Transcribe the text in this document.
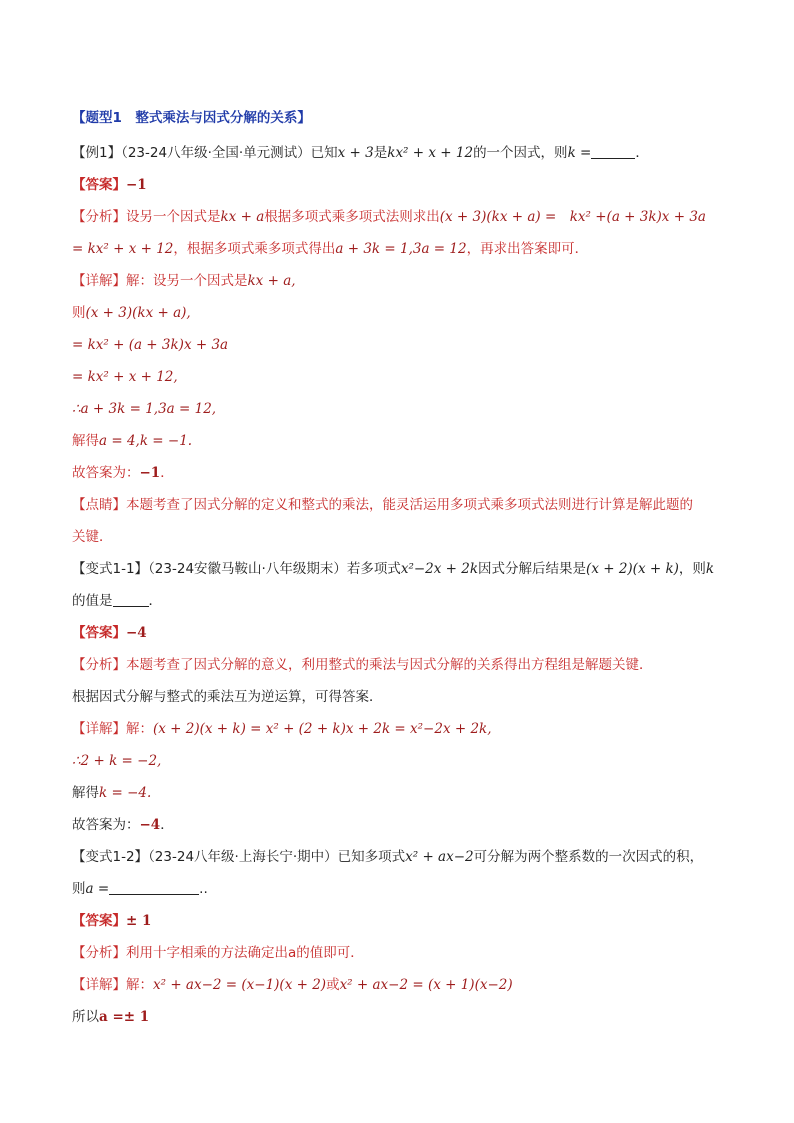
【题型1　整式乘法与因式分解的关系】
【例1】（23-24八年级·全国·单元测试）已知x + 3是kx² + x + 12的一个因式，则k =	．
【答案】−1
【分析】设另一个因式是kx + a根据多项式乘多项式法则求出(x + 3)(kx + a) =　kx² +(a + 3k)x + 3a
= kx² + x + 12，根据多项式乘多项式得出a + 3k = 1,3a = 12，再求出答案即可．
【详解】解：设另一个因式是kx + a,
则(x + 3)(kx + a),
= kx² + (a + 3k)x + 3a
= kx² + x + 12,
∴a + 3k = 1,3a = 12,
解得a = 4,k = −1.
故答案为：−1．
【点睛】本题考查了因式分解的定义和整式的乘法，能灵活运用多项式乘多项式法则进行计算是解此题的
关键．
【变式1-1】（23-24安徽马鞍山·八年级期末）若多项式x²−2x + 2k因式分解后结果是(x + 2)(x + k)，则k
的值是	．
【答案】−4
【分析】本题考查了因式分解的意义，利用整式的乘法与因式分解的关系得出方程组是解题关键．
根据因式分解与整式的乘法互为逆运算，可得答案．
【详解】解：(x + 2)(x + k) = x² + (2 + k)x + 2k = x²−2x + 2k,
∴2 + k = −2,
解得k = −4.
故答案为：−4．
【变式1-2】（23-24八年级·上海长宁·期中）已知多项式x² + ax−2可分解为两个整系数的一次因式的积，
则a =	..
【答案】± 1
【分析】利用十字相乘的方法确定出a的值即可．
【详解】解：x² + ax−2 = (x−1)(x + 2)或x² + ax−2 = (x + 1)(x−2)
所以a =± 1
